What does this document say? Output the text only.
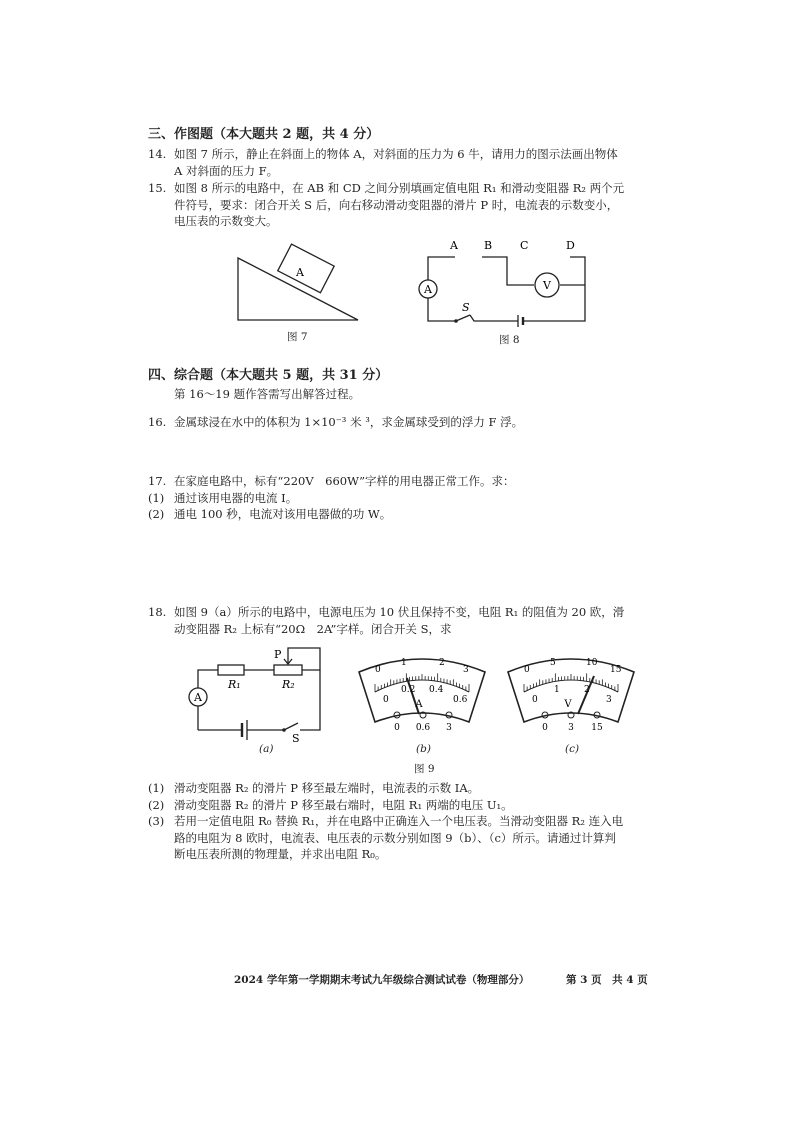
三、作图题（本大题共 2 题，共 4 分）
14. 如图 7 所示，静止在斜面上的物体 A，对斜面的压力为 6 牛，请用力的图示法画出物体
A 对斜面的压力 F。
15. 如图 8 所示的电路中，在 AB 和 CD 之间分别填画定值电阻 R₁ 和滑动变阻器 R₂ 两个元
件符号，要求：闭合开关 S 后，向右移动滑动变阻器的滑片 P 时，电流表的示数变小，
电压表的示数变大。
A
图 7
A B	C	D
A	V
S
图 8
四、综合题（本大题共 5 题，共 31 分）
第 16～19 题作答需写出解答过程。
16. 金属球浸在水中的体积为 1×10⁻³ 米 ³，求金属球受到的浮力 F 浮。
17. 在家庭电路中，标有“220V　660W”字样的用电器正常工作。求：
(1) 通过该用电器的电流 I。
(2) 通电 100 秒，电流对该用电器做的功 W。
18. 如图 9（a）所示的电路中，电源电压为 10 伏且保持不变，电阻 R₁ 的阻值为 20 欧，滑
动变阻器 R₂ 上标有“20Ω　2A”字样。闭合开关 S，求
A
R₁	R₂
P
S
0
1	2
3
0
0.2 0.4
0.6
A
0 0.6 3
0
5	10
15
0
1	2
3
V
0 3 15
(a)	(b)	(c)
图 9
(1) 滑动变阻器 R₂ 的滑片 P 移至最左端时，电流表的示数 IA。
(2) 滑动变阻器 R₂ 的滑片 P 移至最右端时，电阻 R₁ 两端的电压 U₁。
(3) 若用一定值电阻 R₀ 替换 R₁，并在电路中正确连入一个电压表。当滑动变阻器 R₂ 连入电
路的电阻为 8 欧时，电流表、电压表的示数分别如图 9（b）、（c）所示。请通过计算判
断电压表所测的物理量，并求出电阻 R₀。
2024 学年第一学期期末考试九年级综合测试试卷（物理部分）	第 3 页　共 4 页
